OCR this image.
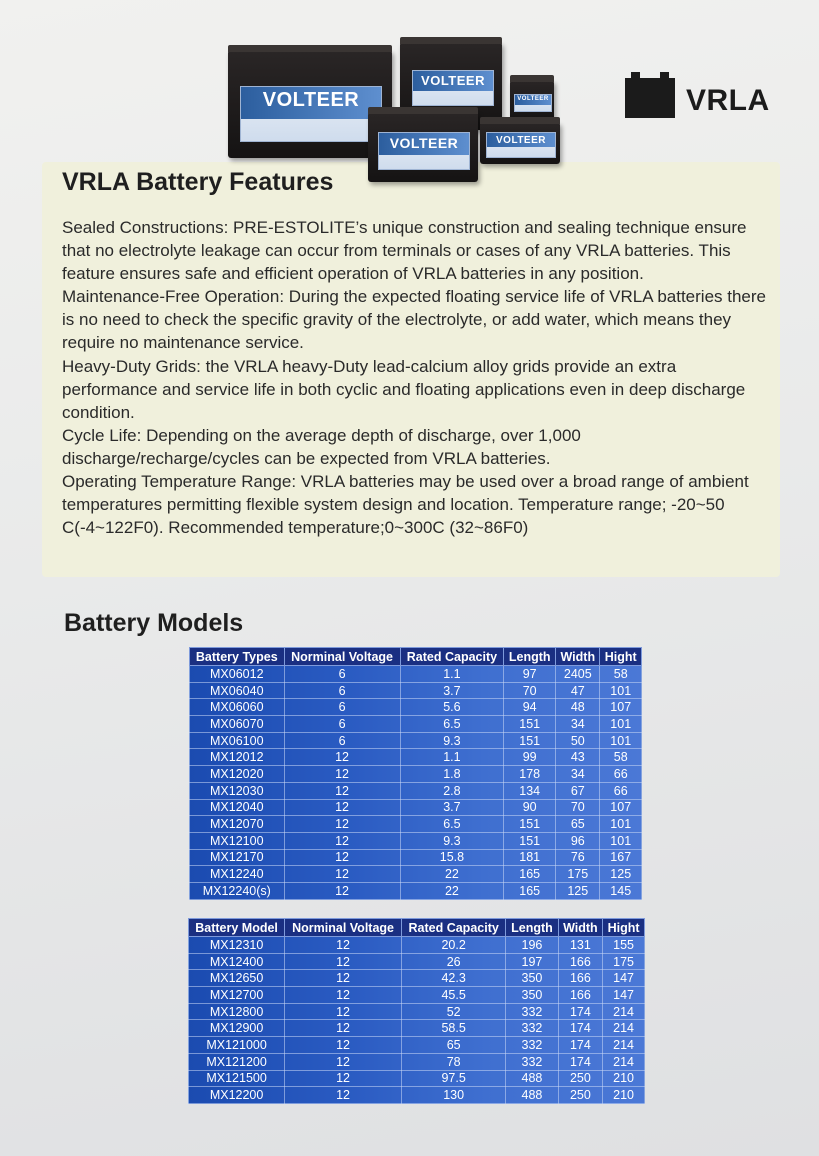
VOLTEER
VOLTEER
VOLTEER
VOLTEER	VOLTEER
VRLA
VRLA Battery Features

Sealed Constructions: PRE-ESTOLITE’s unique construction and sealing technique ensure that no electrolyte leakage can occur from terminals or cases of any VRLA batteries. This feature ensures safe and efficient operation of VRLA batteries in any position.

Maintenance-Free Operation: During the expected floating service life of VRLA batteries there is no need to check the specific gravity of the electrolyte, or add water, which means they require no maintenance service.

Heavy-Duty Grids: the VRLA heavy-Duty lead-calcium alloy grids provide an extra performance and service life in both cyclic and floating applications even in deep discharge condition.

Cycle Life: Depending on the average depth of discharge, over 1,000 discharge/recharge/cycles can be expected from VRLA batteries.

Operating Temperature Range: VRLA batteries may be used over a broad range of ambient temperatures permitting flexible system design and location. Temperature range; -20~50 C(-4~122F0). Recommended temperature;0~300C (32~86F0)

Battery Models
Battery Types	Norminal Voltage	Rated Capacity	Length	Width	Hight
MX06012	6	1.1	97	2405	58
MX06040	6	3.7	70	47	101
MX06060	6	5.6	94	48	107
MX06070	6	6.5	151	34	101
MX06100	6	9.3	151	50	101
MX12012	12	1.1	99	43	58
MX12020	12	1.8	178	34	66
MX12030	12	2.8	134	67	66
MX12040	12	3.7	90	70	107
MX12070	12	6.5	151	65	101
MX12100	12	9.3	151	96	101
MX12170	12	15.8	181	76	167
MX12240	12	22	165	175	125
MX12240(s)	12	22	165	125	145
Battery Model	Norminal Voltage	Rated Capacity	Length	Width	Hight
MX12310	12	20.2	196	131	155
MX12400	12	26	197	166	175
MX12650	12	42.3	350	166	147
MX12700	12	45.5	350	166	147
MX12800	12	52	332	174	214
MX12900	12	58.5	332	174	214
MX121000	12	65	332	174	214
MX121200	12	78	332	174	214
MX121500	12	97.5	488	250	210
MX12200	12	130	488	250	210
